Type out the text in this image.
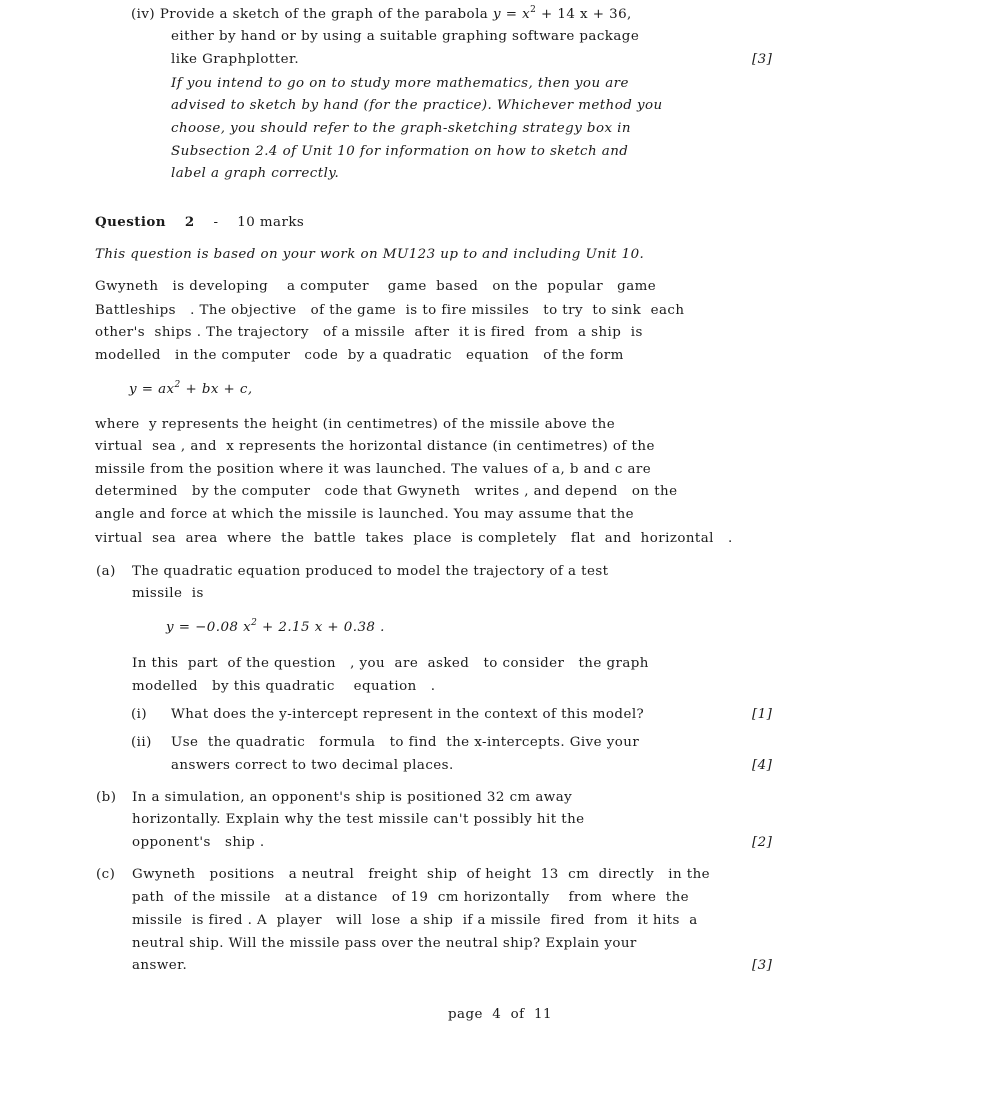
(iv) Provide a sketch of the graph of the parabola $y = x^2 + 14$ x + 36,
either by hand or by using a suitable graphing software package
like Graphplotter.	[3]
If you intend to go on to study more mathematics, then you are
advised to sketch by hand (for the practice). Whichever method you
choose, you should refer to the graph-sketching strategy box in
Subsection 2.4 of Unit 10 for information on how to sketch and
label a graph correctly.
Question 2 - 10 marks
This question is based on your work on MU123 up to and including Unit 10.
Gwyneth   is developing    a computer    game  based   on the  popular   game
Battleships   . The objective   of the game  is to fire missiles   to try  to sink  each
other's  ships . The trajectory   of a missile  after  it is fired  from  a ship  is
modelled   in the computer   code  by a quadratic   equation   of the form
$y = ax^2$ + bx + c,
where  y represents the height (in centimetres) of the missile above the
virtual  sea , and  x represents the horizontal distance (in centimetres) of the
missile from the position where it was launched. The values of a, b and c are
determined   by the computer   code that Gwyneth   writes , and depend   on the
angle and force at which the missile is launched. You may assume that the
virtual  sea  area  where  the  battle  takes  place  is completely   flat  and  horizontal   .
(a) The quadratic equation produced to model the trajectory of a test
missile  is
y = −0.08 $x^2 + 2.15$ x + 0.38 .
In this  part  of the question   , you  are  asked   to consider   the graph
modelled   by this quadratic    equation   .
(i) What does the y-intercept represent in the context of this model?	[1]
(ii) Use  the quadratic   formula   to find  the x-intercepts. Give your
answers correct to two decimal places.	[4]
(b) In a simulation, an opponent's ship is positioned 32 cm away
horizontally. Explain why the test missile can't possibly hit the
opponent's   ship .	[2]
(c) Gwyneth   positions   a neutral   freight  ship  of height  13  cm  directly   in the
path  of the missile   at a distance   of 19  cm horizontally    from  where  the
missile  is fired . A  player   will  lose  a ship  if a missile  fired  from  it hits  a
neutral ship. Will the missile pass over the neutral ship? Explain your
answer.	[3]
page  4  of  11
